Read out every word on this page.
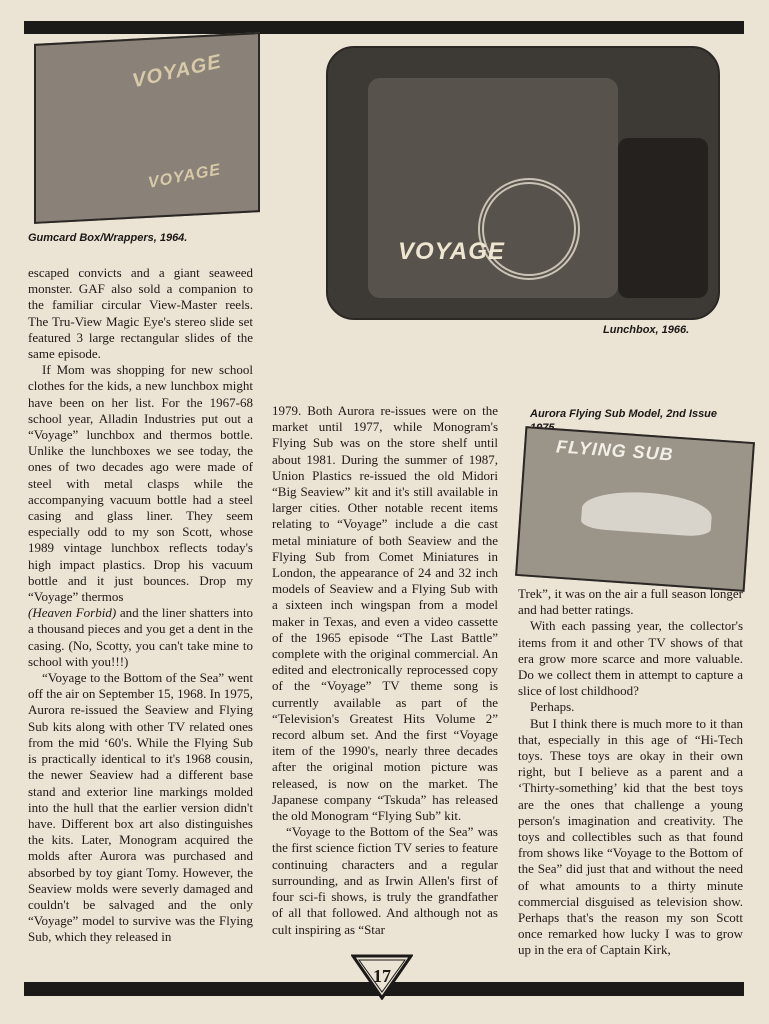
VOYAGE
VOYAGE
Gumcard Box/Wrappers, 1964.	VOYAGE
Lunchbox, 1966.
Aurora Flying Sub Model, 2nd Issue
FLYING SUB

escaped convicts and a giant seaweed monster. GAF also sold a companion to the familiar circular View-Master reels. The Tru-View Magic Eye's stereo slide set featured 3 large rectangular slides of the same episode.

If Mom was shopping for new school clothes for the kids, a new lunchbox might have been on her list. For the 1967-68 school year, Alladin Industries put out a “Voyage” lunchbox and thermos bottle. Unlike the lunchboxes we see today, the ones of two decades ago were made of steel with metal clasps while the accompanying vacuum bottle had a steel casing and glass liner. They seem especially odd to my son Scott, whose 1989 vintage lunchbox reflects today's high impact plastics. Drop his vacuum bottle and it just bounces. Drop my “Voyage” thermos

(Heaven Forbid) and the liner shatters into a thousand pieces and you get a dent in the casing. (No, Scotty, you can't take mine to school with you!!!)

“Voyage to the Bottom of the Sea” went off the air on September 15, 1968. In 1975, Aurora re-issued the Seaview and Flying Sub kits along with other TV related ones from the mid ‘60's. While the Flying Sub is practically identical to it's 1968 cousin, the newer Seaview had a different base stand and exterior line markings molded into the hull that the earlier version didn't have. Different box art also distinguishes the kits. Later, Monogram acquired the molds after Aurora was purchased and absorbed by toy giant Tomy. However, the Seaview molds were severly damaged and couldn't be salvaged and the only “Voyage” model to survive was the Flying Sub, which they released in

1979. Both Aurora re-issues were on the market until 1977, while Monogram's Flying Sub was on the store shelf until about 1981. During the summer of 1987, Union Plastics re-issued the old Midori “Big Seaview” kit and it's still available in larger cities. Other notable recent items relating to “Voyage” include a die cast metal miniature of both Seaview and the Flying Sub from Comet Miniatures in London, the appearance of 24 and 32 inch models of Seaview and a Flying Sub with a sixteen inch wingspan from a model maker in Texas, and even a video cassette of the 1965 episode “The Last Battle” complete with the original commercial. An edited and electronically reprocessed copy of the “Voyage” TV theme song is currently available as part of the “Television's Greatest Hits Volume 2” record album set. And the first “Voyage item of the 1990's, nearly three decades after the original motion picture was released, is now on the market. The Japanese company “Tskuda” has released the old Monogram “Flying Sub” kit.

“Voyage to the Bottom of the Sea” was the first science fiction TV series to feature continuing characters and a regular surrounding, and as Irwin Allen's first of four sci-fi shows, is truly the grandfather of all that followed. And although not as cult inspiring as “Star

Trek”, it was on the air a full season longer and had better ratings.

With each passing year, the collector's items from it and other TV shows of that era grow more scarce and more valuable. Do we collect them in attempt to capture a slice of lost childhood?

Perhaps.

But I think there is much more to it than that, especially in this age of “Hi-Tech toys. These toys are okay in their own right, but I believe as a parent and a ‘Thirty-something’ kid that the best toys are the ones that challenge a young person's imagination and creativity. The toys and collectibles such as that found from shows like “Voyage to the Bottom of the Sea” did just that and without the need of what amounts to a thirty minute commercial disguised as television show. Perhaps that's the reason my son Scott once remarked how lucky I was to grow up in the era of Captain Kirk,

17
